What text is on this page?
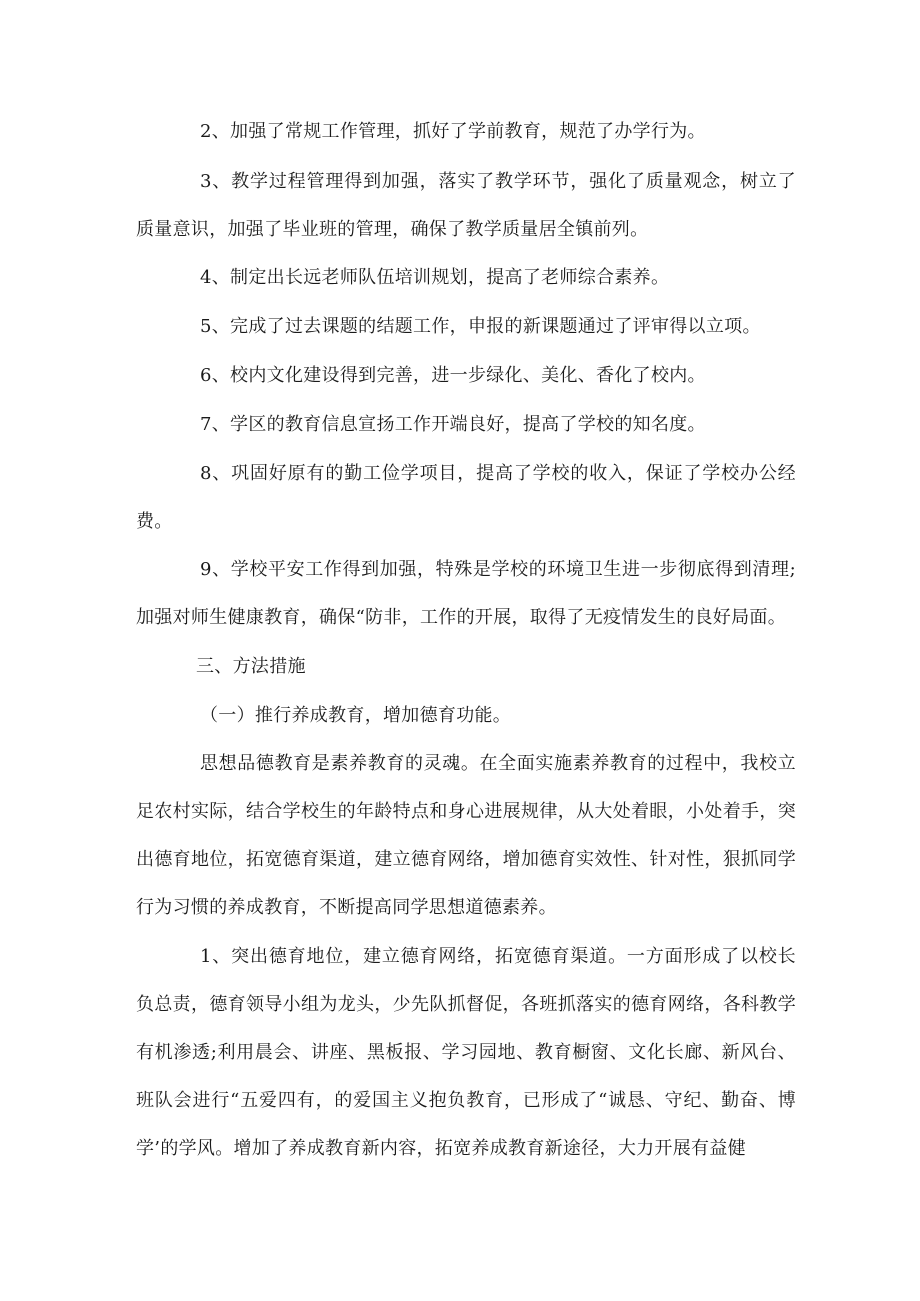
2、加强了常规工作管理，抓好了学前教育，规范了办学行为。

3、教学过程管理得到加强，落实了教学环节，强化了质量观念，树立了质量意识，加强了毕业班的管理，确保了教学质量居全镇前列。

4、制定出长远老师队伍培训规划，提高了老师综合素养。

5、完成了过去课题的结题工作，申报的新课题通过了评审得以立项。

6、校内文化建设得到完善，进一步绿化、美化、香化了校内。

7、学区的教育信息宣扬工作开端良好，提高了学校的知名度。

8、巩固好原有的勤工俭学项目，提高了学校的收入，保证了学校办公经费。

9、学校平安工作得到加强，特殊是学校的环境卫生进一步彻底得到清理;加强对师生健康教育，确保“防非，工作的开展，取得了无疫情发生的良好局面。

三、方法措施

（一）推行养成教育，增加德育功能。

思想品德教育是素养教育的灵魂。在全面实施素养教育的过程中，我校立足农村实际，结合学校生的年龄特点和身心进展规律，从大处着眼，小处着手，突出德育地位，拓宽德育渠道，建立德育网络，增加德育实效性、针对性，狠抓同学行为习惯的养成教育，不断提高同学思想道德素养。

1、突出德育地位，建立德育网络，拓宽德育渠道。一方面形成了以校长负总责，德育领导小组为龙头，少先队抓督促，各班抓落实的德育网络，各科教学有机渗透;利用晨会、讲座、黑板报、学习园地、教育橱窗、文化长廊、新风台、班队会进行“五爱四有，的爱国主义抱负教育，已形成了“诚恳、守纪、勤奋、博学’的学风。增加了养成教育新内容，拓宽养成教育新途径，大力开展有益健
